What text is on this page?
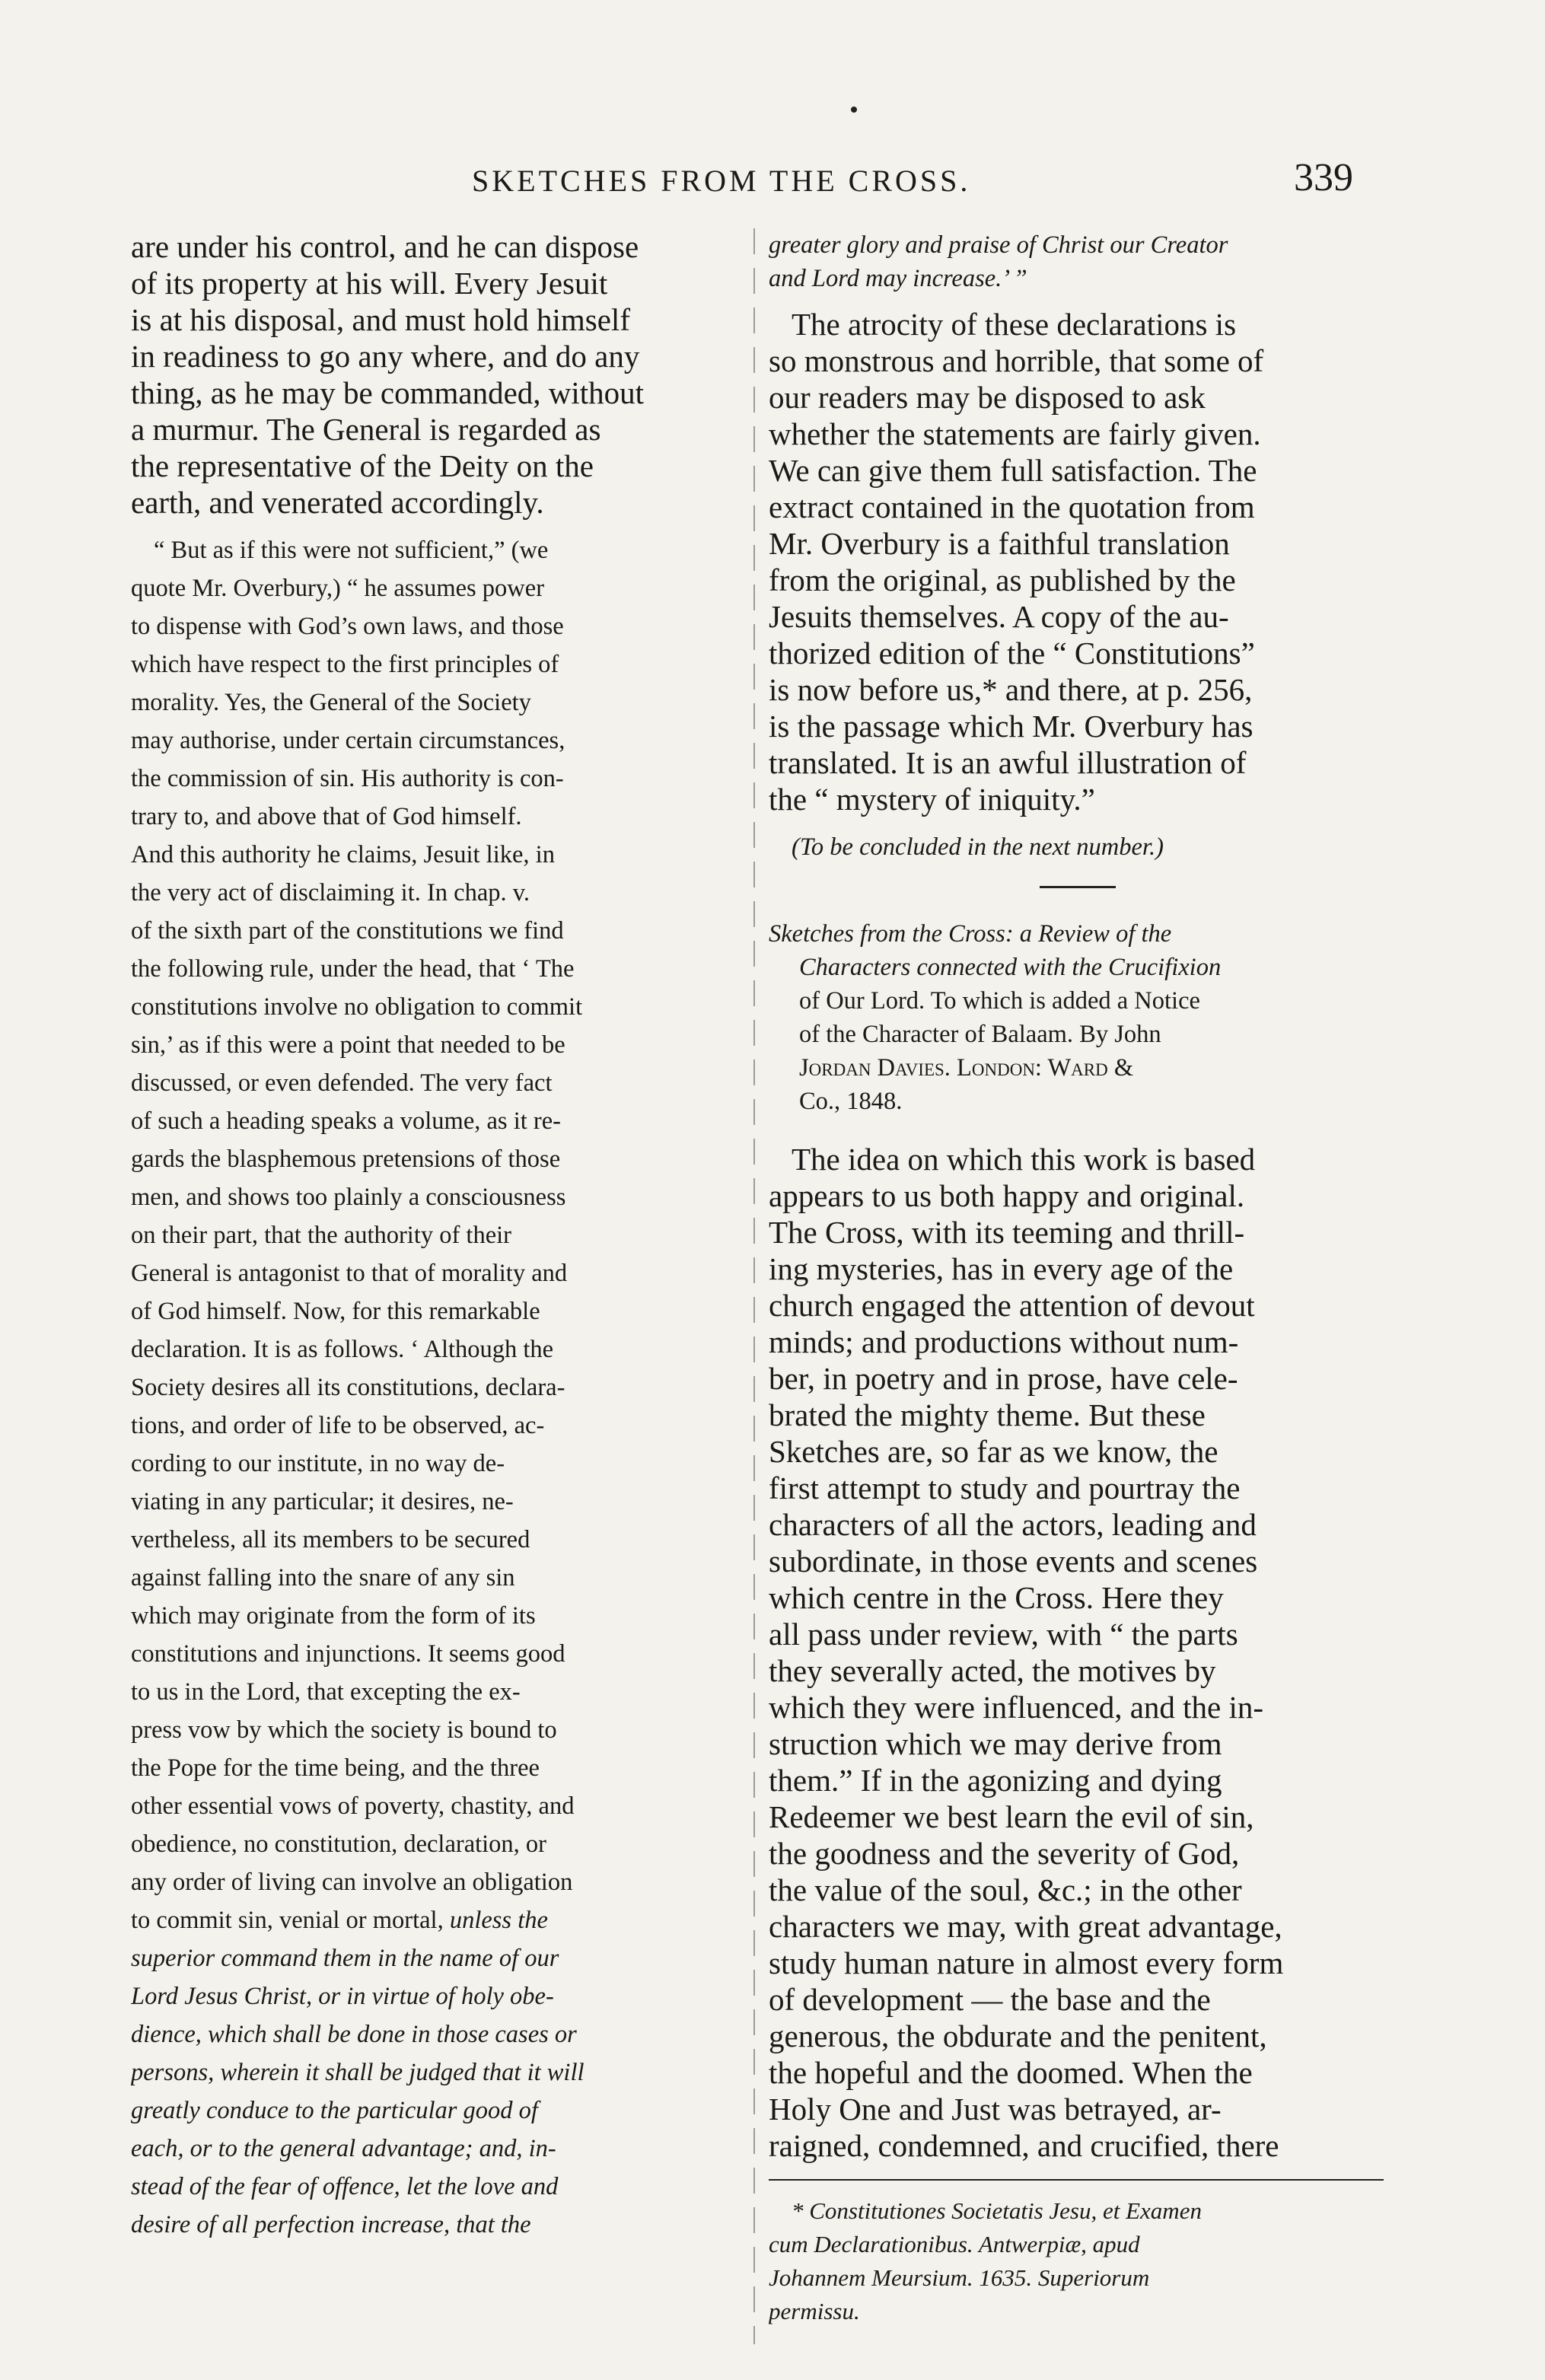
SKETCHES FROM THE CROSS.	339
are under his control, and he can dispose
of its property at his will. Every Jesuit
is at his disposal, and must hold himself
in readiness to go any where, and do any
thing, as he may be commanded, without
a murmur. The General is regarded as
the representative of the Deity on the
earth, and venerated accordingly.
“ But as if this were not sufficient,” (we
quote Mr. Overbury,) “ he assumes power
to dispense with God’s own laws, and those
which have respect to the first principles of
morality. Yes, the General of the Society
may authorise, under certain circumstances,
the commission of sin. His authority is con-
trary to, and above that of God himself.
And this authority he claims, Jesuit like, in
the very act of disclaiming it. In chap. v.
of the sixth part of the constitutions we find
the following rule, under the head, that ‘ The
constitutions involve no obligation to commit
sin,’ as if this were a point that needed to be
discussed, or even defended. The very fact
of such a heading speaks a volume, as it re-
gards the blasphemous pretensions of those
men, and shows too plainly a consciousness
on their part, that the authority of their
General is antagonist to that of morality and
of God himself. Now, for this remarkable
declaration. It is as follows. ‘ Although the
Society desires all its constitutions, declara-
tions, and order of life to be observed, ac-
cording to our institute, in no way de-
viating in any particular; it desires, ne-
vertheless, all its members to be secured
against falling into the snare of any sin
which may originate from the form of its
constitutions and injunctions. It seems good
to us in the Lord, that excepting the ex-
press vow by which the society is bound to
the Pope for the time being, and the three
other essential vows of poverty, chastity, and
obedience, no constitution, declaration, or
any order of living can involve an obligation
to commit sin, venial or mortal, unless the
superior command them in the name of our
Lord Jesus Christ, or in virtue of holy obe-
dience, which shall be done in those cases or
persons, wherein it shall be judged that it will
greatly conduce to the particular good of
each, or to the general advantage; and, in-
stead of the fear of offence, let the love and
desire of all perfection increase, that the
greater glory and praise of Christ our Creator
and Lord may increase.’ ”
The atrocity of these declarations is
so monstrous and horrible, that some of
our readers may be disposed to ask
whether the statements are fairly given.
We can give them full satisfaction. The
extract contained in the quotation from
Mr. Overbury is a faithful translation
from the original, as published by the
Jesuits themselves. A copy of the au-
thorized edition of the “ Constitutions”
is now before us,* and there, at p. 256,
is the passage which Mr. Overbury has
translated. It is an awful illustration of
the “ mystery of iniquity.”
(To be concluded in the next number.)
Sketches from the Cross: a Review of the
Characters connected with the Crucifixion
of Our Lord. To which is added a Notice
of the Character of Balaam. By John
Jordan Davies. London: Ward &
Co., 1848.
The idea on which this work is based
appears to us both happy and original.
The Cross, with its teeming and thrill-
ing mysteries, has in every age of the
church engaged the attention of devout
minds; and productions without num-
ber, in poetry and in prose, have cele-
brated the mighty theme. But these
Sketches are, so far as we know, the
first attempt to study and pourtray the
characters of all the actors, leading and
subordinate, in those events and scenes
which centre in the Cross. Here they
all pass under review, with “ the parts
they severally acted, the motives by
which they were influenced, and the in-
struction which we may derive from
them.” If in the agonizing and dying
Redeemer we best learn the evil of sin,
the goodness and the severity of God,
the value of the soul, &c.; in the other
characters we may, with great advantage,
study human nature in almost every form
of development — the base and the
generous, the obdurate and the penitent,
the hopeful and the doomed. When the
Holy One and Just was betrayed, ar-
raigned, condemned, and crucified, there
* Constitutiones Societatis Jesu, et Examen
cum Declarationibus. Antwerpiæ, apud
Johannem Meursium. 1635. Superiorum
permissu.
